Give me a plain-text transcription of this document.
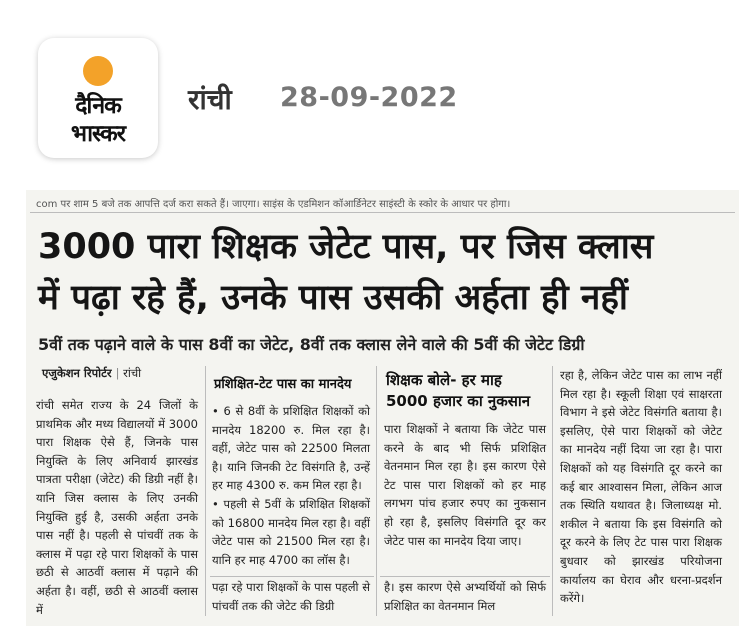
दैनिक
भास्कर
रांची 28-09-2022
com पर शाम 5 बजे तक आपत्ति दर्ज करा सकते हैं। जाएगा। साइंस के एडमिशन कॉआर्डिनेटर साइंस्टी के स्कोर के आधार पर होगा।
3000 पारा शिक्षक जेटेट पास, पर जिस क्लास
में पढ़ा रहे हैं, उनके पास उसकी अर्हता ही नहीं
5वीं तक पढ़ाने वाले के पास 8वीं का जेटेट, 8वीं तक क्लास लेने वाले की 5वीं की जेटेट डिग्री
एजुकेशन रिपोर्टर | रांची

रांची समेत राज्य के 24 जिलों के प्राथमिक और मध्य विद्यालयों में 3000 पारा शिक्षक ऐसे हैं, जिनके पास नियुक्ति के लिए अनिवार्य झारखंड पात्रता परीक्षा (जेटेट) की डिग्री नहीं है। यानि जिस क्लास के लिए उनकी नियुक्ति हुई है, उसकी अर्हता उनके पास नहीं है। पहली से पांचवीं तक के क्लास में पढ़ा रहे पारा शिक्षकों के पास छठी से आठवीं क्लास में पढ़ाने की अर्हता है। वहीं, छठी से आठवीं क्लास में

प्रशिक्षित-टेट पास का मानदेय

• 6 से 8वीं के प्रशिक्षित शिक्षकों को मानदेय 18200 रु. मिल रहा है। वहीं, जेटेट पास को 22500 मिलता है। यानि जिनकी टेट विसंगति है, उन्हें हर माह 4300 रु. कम मिल रहा है।

• पहली से 5वीं के प्रशिक्षित शिक्षकों को 16800 मानदेय मिल रहा है। वहीं जेटेट पास को 21500 मिल रहा है। यानि हर माह 4700 का लॉस है।

पढ़ा रहे पारा शिक्षकों के पास पहली से पांचवीं तक की जेटेट की डिग्री

शिक्षक बोले- हर माह 5000 हजार का नुकसान

पारा शिक्षकों ने बताया कि जेटेट पास करने के बाद भी सिर्फ प्रशिक्षित वेतनमान मिल रहा है। इस कारण ऐसे टेट पास पारा शिक्षकों को हर माह लगभग पांच हजार रुपए का नुकसान हो रहा है, इसलिए विसंगति दूर कर जेटेट पास का मानदेय दिया जाए।

है। इस कारण ऐसे अभ्यर्थियों को सिर्फ प्रशिक्षित का वेतनमान मिल

रहा है, लेकिन जेटेट पास का लाभ नहीं मिल रहा है। स्कूली शिक्षा एवं साक्षरता विभाग ने इसे जेटेट विसंगति बताया है। इसलिए, ऐसे पारा शिक्षकों को जेटेट का मानदेय नहीं दिया जा रहा है। पारा शिक्षकों को यह विसंगति दूर करने का कई बार आश्वासन मिला, लेकिन आज तक स्थिति यथावत है। जिलाध्यक्ष मो. शकील ने बताया कि इस विसंगति को दूर करने के लिए टेट पास पारा शिक्षक बुधवार को झारखंड परियोजना कार्यालय का घेराव और धरना-प्रदर्शन करेंगे।
